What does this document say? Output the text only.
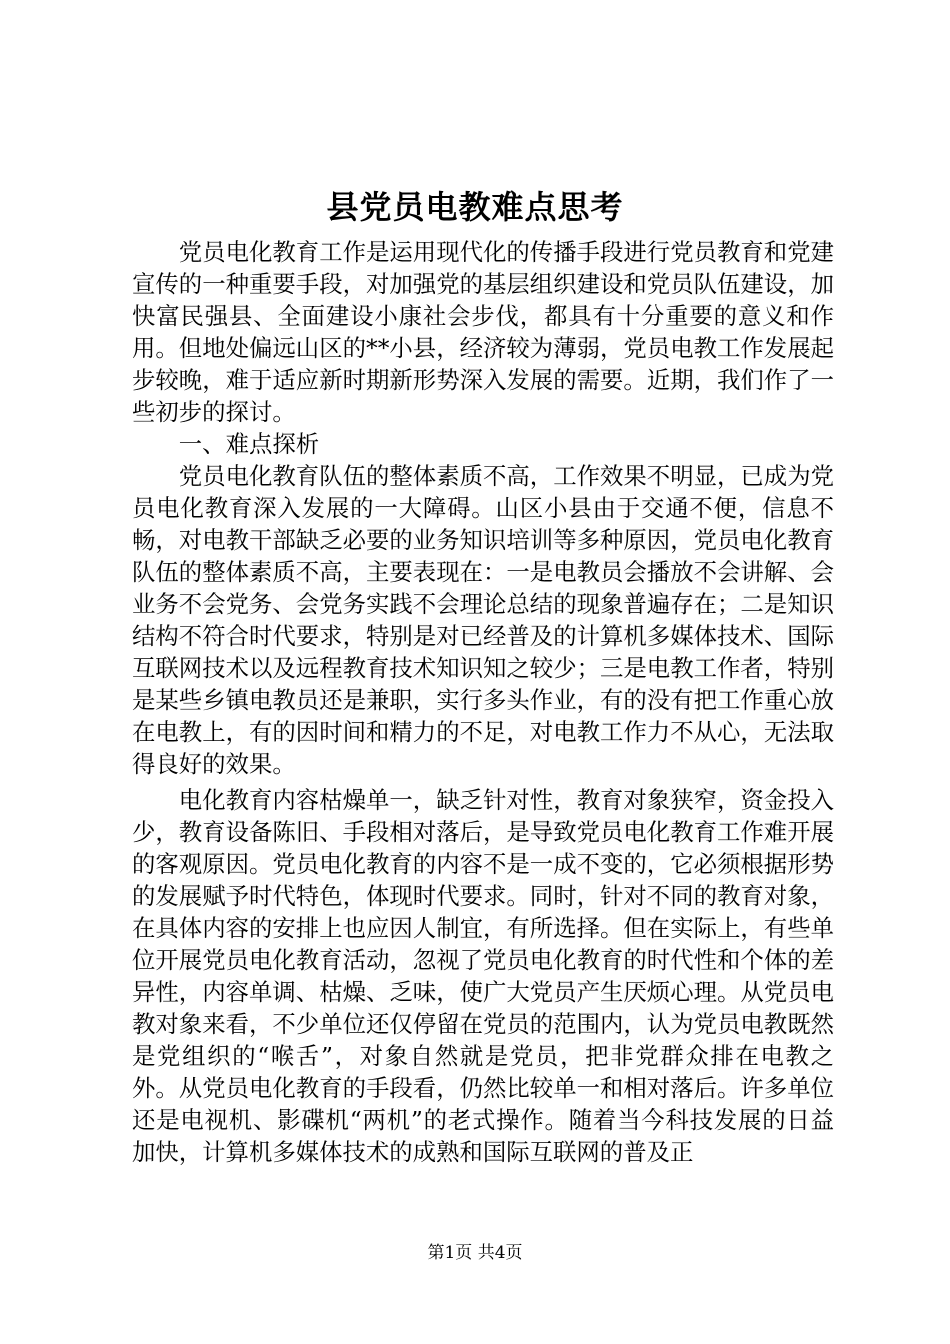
县党员电教难点思考

党员电化教育工作是运用现代化的传播手段进行党员教育和党建宣传的一种重要手段，对加强党的基层组织建设和党员队伍建设，加快富民强县、全面建设小康社会步伐，都具有十分重要的意义和作用。但地处偏远山区的**小县，经济较为薄弱，党员电教工作发展起步较晚，难于适应新时期新形势深入发展的需要。近期，我们作了一些初步的探讨。

一、难点探析

党员电化教育队伍的整体素质不高，工作效果不明显，已成为党员电化教育深入发展的一大障碍。山区小县由于交通不便，信息不畅，对电教干部缺乏必要的业务知识培训等多种原因，党员电化教育队伍的整体素质不高，主要表现在：一是电教员会播放不会讲解、会业务不会党务、会党务实践不会理论总结的现象普遍存在；二是知识结构不符合时代要求，特别是对已经普及的计算机多媒体技术、国际互联网技术以及远程教育技术知识知之较少；三是电教工作者，特别是某些乡镇电教员还是兼职，实行多头作业，有的没有把工作重心放在电教上，有的因时间和精力的不足，对电教工作力不从心，无法取得良好的效果。

电化教育内容枯燥单一，缺乏针对性，教育对象狭窄，资金投入少，教育设备陈旧、手段相对落后，是导致党员电化教育工作难开展的客观原因。党员电化教育的内容不是一成不变的，它必须根据形势的发展赋予时代特色，体现时代要求。同时，针对不同的教育对象，在具体内容的安排上也应因人制宜，有所选择。但在实际上，有些单位开展党员电化教育活动，忽视了党员电化教育的时代性和个体的差异性，内容单调、枯燥、乏味，使广大党员产生厌烦心理。从党员电教对象来看，不少单位还仅停留在党员的范围内，认为党员电教既然是党组织的“喉舌”，对象自然就是党员，把非党群众排在电教之外。从党员电化教育的手段看，仍然比较单一和相对落后。许多单位还是电视机、影碟机“两机”的老式操作。随着当今科技发展的日益加快，计算机多媒体技术的成熟和国际互联网的普及正

第1页 共4页
